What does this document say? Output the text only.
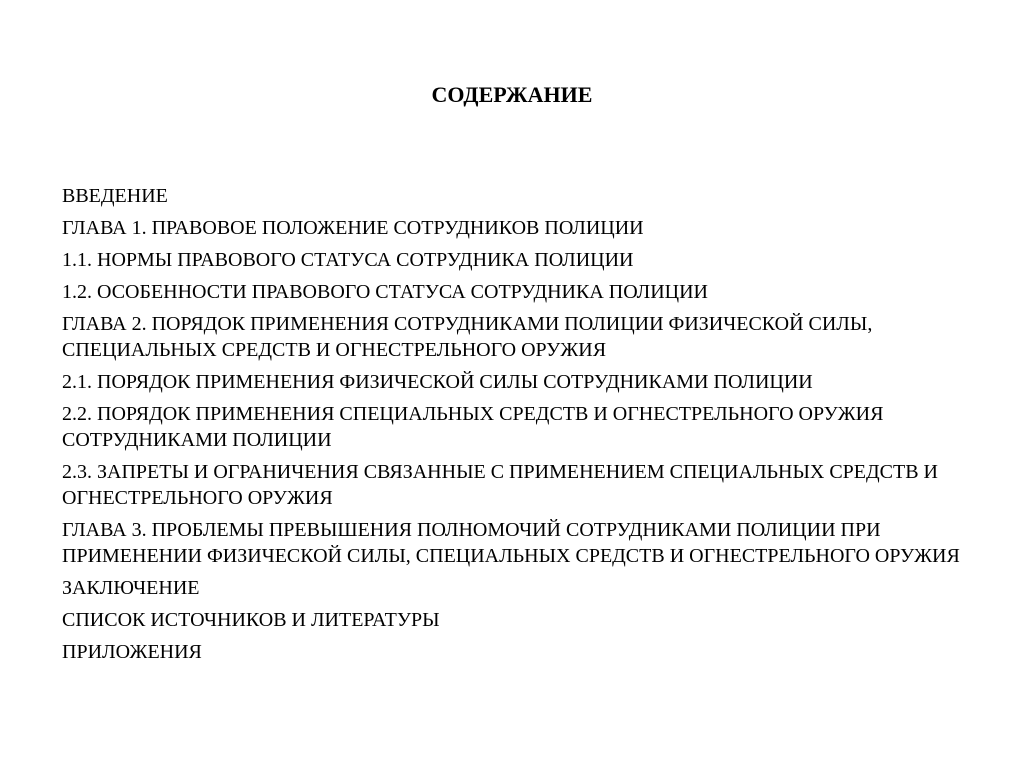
СОДЕРЖАНИЕ
ВВЕДЕНИЕ
ГЛАВА 1. ПРАВОВОЕ ПОЛОЖЕНИЕ СОТРУДНИКОВ ПОЛИЦИИ
1.1. НОРМЫ ПРАВОВОГО СТАТУСА СОТРУДНИКА ПОЛИЦИИ
1.2. ОСОБЕННОСТИ ПРАВОВОГО СТАТУСА СОТРУДНИКА ПОЛИЦИИ
ГЛАВА 2. ПОРЯДОК ПРИМЕНЕНИЯ СОТРУДНИКАМИ ПОЛИЦИИ ФИЗИЧЕСКОЙ СИЛЫ, СПЕЦИАЛЬНЫХ СРЕДСТВ И ОГНЕСТРЕЛЬНОГО ОРУЖИЯ
2.1. ПОРЯДОК ПРИМЕНЕНИЯ ФИЗИЧЕСКОЙ СИЛЫ СОТРУДНИКАМИ ПОЛИЦИИ
2.2. ПОРЯДОК ПРИМЕНЕНИЯ СПЕЦИАЛЬНЫХ СРЕДСТВ И ОГНЕСТРЕЛЬНОГО ОРУЖИЯ СОТРУДНИКАМИ ПОЛИЦИИ
2.3. ЗАПРЕТЫ И ОГРАНИЧЕНИЯ СВЯЗАННЫЕ С ПРИМЕНЕНИЕМ СПЕЦИАЛЬНЫХ СРЕДСТВ И ОГНЕСТРЕЛЬНОГО ОРУЖИЯ
ГЛАВА 3. ПРОБЛЕМЫ ПРЕВЫШЕНИЯ ПОЛНОМОЧИЙ СОТРУДНИКАМИ ПОЛИЦИИ ПРИ ПРИМЕНЕНИИ ФИЗИЧЕСКОЙ СИЛЫ, СПЕЦИАЛЬНЫХ СРЕДСТВ И ОГНЕСТРЕЛЬНОГО ОРУЖИЯ
ЗАКЛЮЧЕНИЕ
СПИСОК ИСТОЧНИКОВ И ЛИТЕРАТУРЫ
ПРИЛОЖЕНИЯ
